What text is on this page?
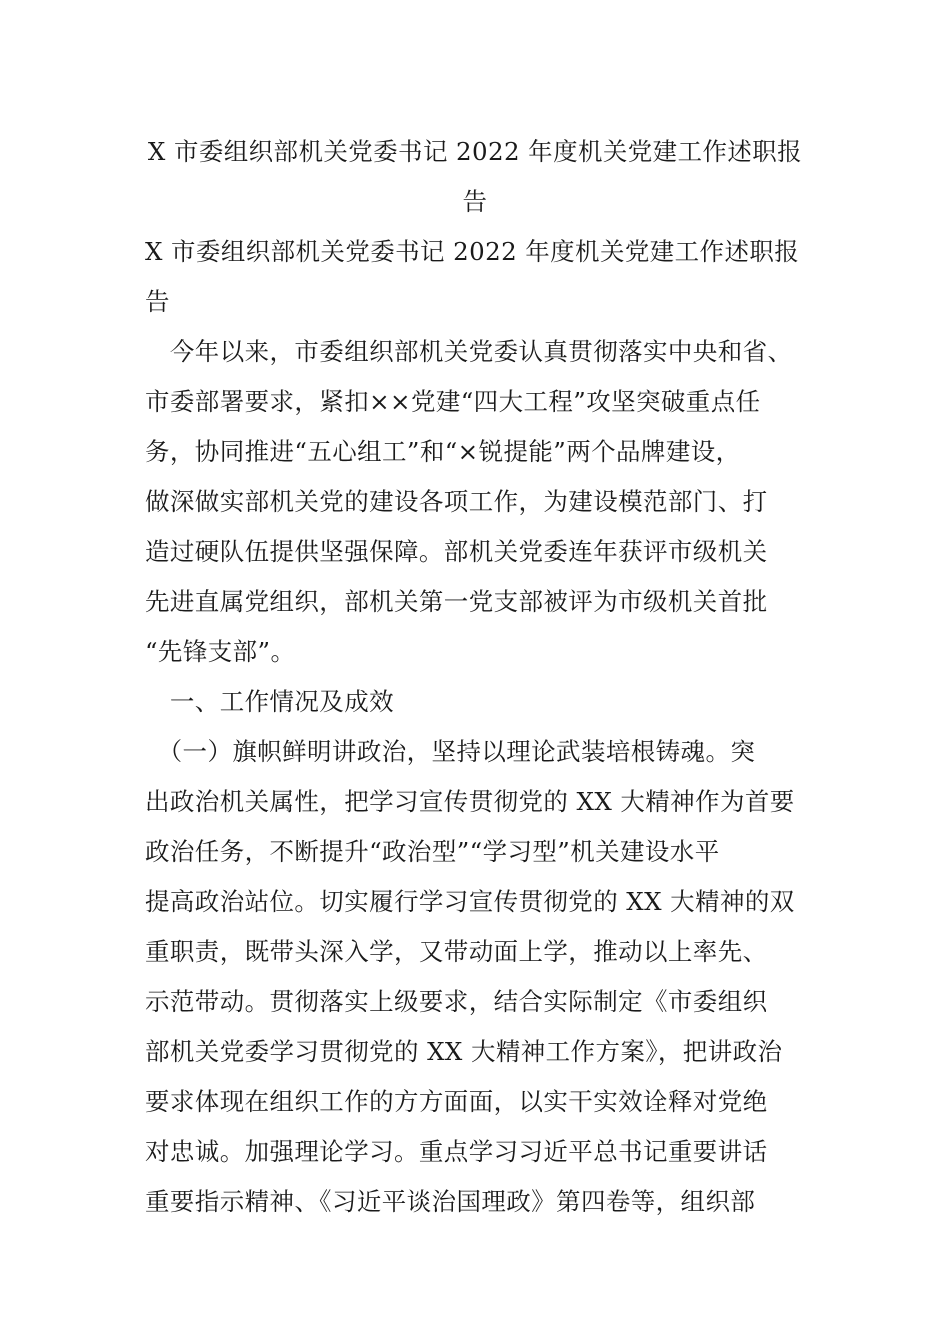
X 市委组织部机关党委书记 2022 年度机关党建工作述职报
告
X 市委组织部机关党委书记 2022 年度机关党建工作述职报
告
　今年以来，市委组织部机关党委认真贯彻落实中央和省、
市委部署要求，紧扣××党建“四大工程”攻坚突破重点任
务，协同推进“五心组工”和“×锐提能”两个品牌建设，
做深做实部机关党的建设各项工作，为建设模范部门、打
造过硬队伍提供坚强保障。部机关党委连年获评市级机关
先进直属党组织，部机关第一党支部被评为市级机关首批
“先锋支部”。
　一、工作情况及成效
　（一）旗帜鲜明讲政治，坚持以理论武装培根铸魂。突
出政治机关属性，把学习宣传贯彻党的 XX 大精神作为首要
政治任务，不断提升“政治型”“学习型”机关建设水平
提高政治站位。切实履行学习宣传贯彻党的 XX 大精神的双
重职责，既带头深入学，又带动面上学，推动以上率先、
示范带动。贯彻落实上级要求，结合实际制定《市委组织
部机关党委学习贯彻党的 XX 大精神工作方案》，把讲政治
要求体现在组织工作的方方面面，以实干实效诠释对党绝
对忠诚。加强理论学习。重点学习习近平总书记重要讲话
重要指示精神、《习近平谈治国理政》第四卷等，组织部
